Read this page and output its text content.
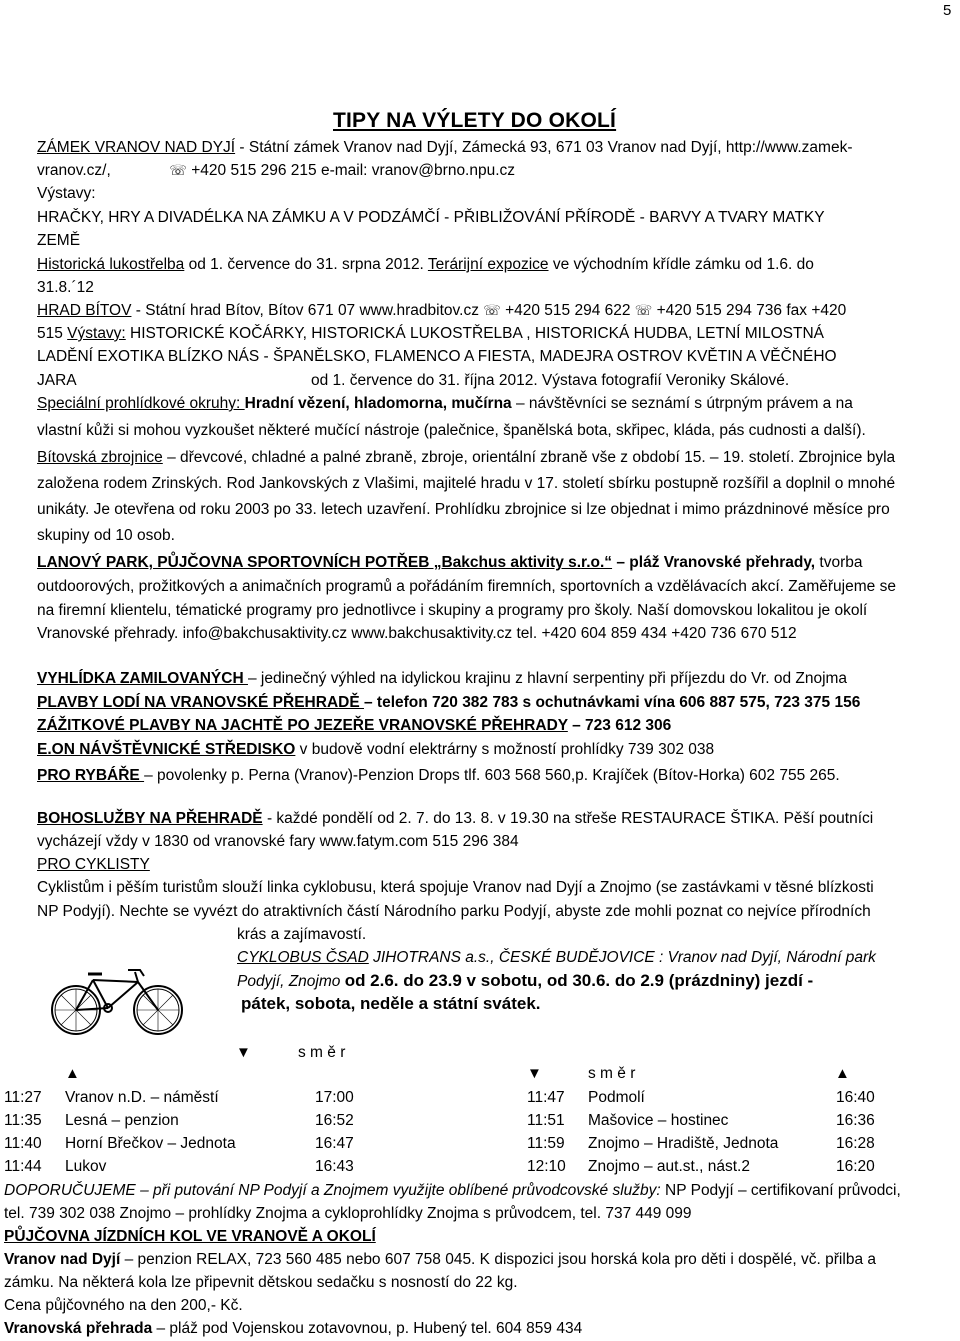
5
TIPY NA VÝLETY DO OKOLÍ
ZÁMEK VRANOV NAD DYJÍ - Státní zámek Vranov nad Dyjí, Zámecká 93, 671 03 Vranov nad Dyjí, http://www.zamek-
vranov.cz/,	☏ +420 515 296 215 e-mail: vranov@brno.npu.cz
Výstavy:
HRAČKY, HRY A DIVADÉLKA NA ZÁMKU A V PODZÁMČÍ - PŘIBLIŽOVÁNÍ PŘÍRODĚ - BARVY A TVARY MATKY
ZEMĚ
Historická lukostřelba od 1. července do 31. srpna 2012. Terárijní expozice ve východním křídle zámku od 1.6. do
31.8.´12
HRAD BÍTOV - Státní hrad Bítov, Bítov 671 07 www.hradbitov.cz ☏ +420 515 294 622 ☏ +420 515 294 736 fax +420
515 Výstavy: HISTORICKÉ KOČÁRKY, HISTORICKÁ LUKOSTŘELBA , HISTORICKÁ HUDBA, LETNÍ MILOSTNÁ
LADĚNÍ EXOTIKA BLÍZKO NÁS - ŠPANĚLSKO, FLAMENCO A FIESTA, MADEJRA OSTROV KVĚTIN A VĚČNÉHO
JARA	od 1. července do 31. října 2012. Výstava fotografií Veroniky Skálové.
Speciální prohlídkové okruhy: Hradní vězení, hladomorna, mučírna – návštěvníci se seznámí s útrpným právem a na
vlastní kůži si mohou vyzkoušet některé mučící nástroje (palečnice, španělská bota, skřipec, kláda, pás cudnosti a další).
Bítovská zbrojnice – dřevcové, chladné a palné zbraně, zbroje, orientální zbraně vše z období 15. – 19. století. Zbrojnice byla
založena rodem Zrinských. Rod Jankovských z Vlašimi, majitelé hradu v 17. století sbírku postupně rozšířil a doplnil o mnohé
unikáty. Je otevřena od roku 2003 po 33. letech uzavření. Prohlídku zbrojnice si lze objednat i mimo prázdninové měsíce pro
skupiny od 10 osob.
LANOVÝ PARK, PŮJČOVNA SPORTOVNÍCH POTŘEB „Bakchus aktivity s.r.o.“ – pláž Vranovské přehrady, tvorba
outdoorových, prožitkových a animačních programů a pořádáním firemních, sportovních a vzdělávacích akcí. Zaměřujeme se
na firemní klientelu, tématické programy pro jednotlivce i skupiny a programy pro školy. Naší domovskou lokalitou je okolí
Vranovské přehrady. info@bakchusaktivity.cz www.bakchusaktivity.cz tel. +420 604 859 434 +420 736 670 512
VYHLÍDKA ZAMILOVANÝCH – jedinečný výhled na idylickou krajinu z hlavní serpentiny při příjezdu do Vr. od Znojma
PLAVBY LODÍ NA VRANOVSKÉ PŘEHRADĚ – telefon 720 382 783 s ochutnávkami vína 606 887 575, 723 375 156
ZÁŽITKOVÉ PLAVBY NA JACHTĚ PO JEZEŘE VRANOVSKÉ PŘEHRADY – 723 612 306
E.ON NÁVŠTĚVNICKÉ STŘEDISKO v budově vodní elektrárny s možností prohlídky 739 302 038
PRO RYBÁŘE – povolenky p. Perna (Vranov)-Penzion Drops tlf. 603 568 560,p. Krajíček (Bítov-Horka) 602 755 265.
BOHOSLUŽBY NA PŘEHRADĚ - každé pondělí od 2. 7. do 13. 8. v 19.30 na střeše RESTAURACE ŠTIKA. Pěší poutníci
vycházejí vždy v 1830 od vranovské fary www.fatym.com 515 296 384
PRO CYKLISTY
Cyklistům i pěším turistům slouží linka cyklobusu, která spojuje Vranov nad Dyjí a Znojmo (se zastávkami v těsné blízkosti
NP Podyjí). Nechte se vyvézt do atraktivních částí Národního parku Podyjí, abyste zde mohli poznat co nejvíce přírodních
krás a zajímavostí.
CYKLOBUS ČSAD JIHOTRANS a.s., ČESKÉ BUDĚJOVICE : Vranov nad Dyjí, Národní park
Podyjí, Znojmo od 2.6. do 23.9 v sobotu, od 30.6. do 2.9 (prázdniny) jezdí -
pátek, sobota, neděle a státní svátek.
▼	s m ě r
▲	▼	s m ě r	▲
11:27 Vranov n.D. – náměstí	17:00	11:47 Podmolí	16:40
11:35 Lesná – penzion	16:52	11:51 Mašovice – hostinec	16:36
11:40 Horní Břečkov – Jednota	16:47	11:59 Znojmo – Hradiště, Jednota	16:28
11:44 Lukov	16:43	12:10 Znojmo – aut.st., nást.2	16:20
DOPORUČUJEME – při putování NP Podyjí a Znojmem využijte oblíbené průvodcovské služby: NP Podyjí – certifikovaní průvodci,
tel. 739 302 038 Znojmo – prohlídky Znojma a cykloprohlídky Znojma s průvodcem, tel. 737 449 099
PŮJČOVNA JÍZDNÍCH KOL VE VRANOVĚ A OKOLÍ
Vranov nad Dyjí – penzion RELAX, 723 560 485 nebo 607 758 045. K dispozici jsou horská kola pro děti i dospělé, vč. přilba a
zámku. Na některá kola lze připevnit dětskou sedačku s nosností do 22 kg.
Cena půjčovného na den 200,- Kč.
Vranovská přehrada – pláž pod Vojenskou zotavovnou, p. Hubený tel. 604 859 434
